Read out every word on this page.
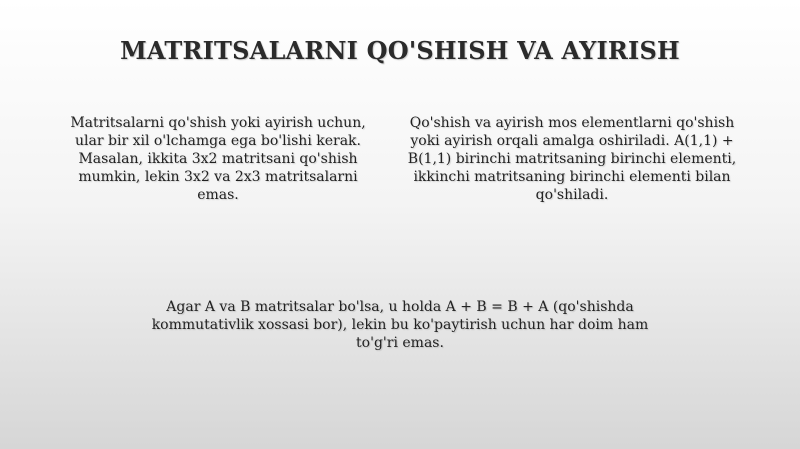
MATRITSALARNI QO'SHISH VA AYIRISH
Matritsalarni qo'shish yoki ayirish uchun, ular bir xil o'lchamga ega bo'lishi kerak. Masalan, ikkita 3x2 matritsani qo'shish mumkin, lekin 3x2 va 2x3 matritsalarni emas.
Qo'shish va ayirish mos elementlarni qo'shish yoki ayirish orqali amalga oshiriladi. A(1,1) + B(1,1) birinchi matritsaning birinchi elementi, ikkinchi matritsaning birinchi elementi bilan qo'shiladi.
Agar A va B matritsalar bo'lsa, u holda A + B = B + A (qo'shishda kommutativlik xossasi bor), lekin bu ko'paytirish uchun har doim ham to'g'ri emas.
